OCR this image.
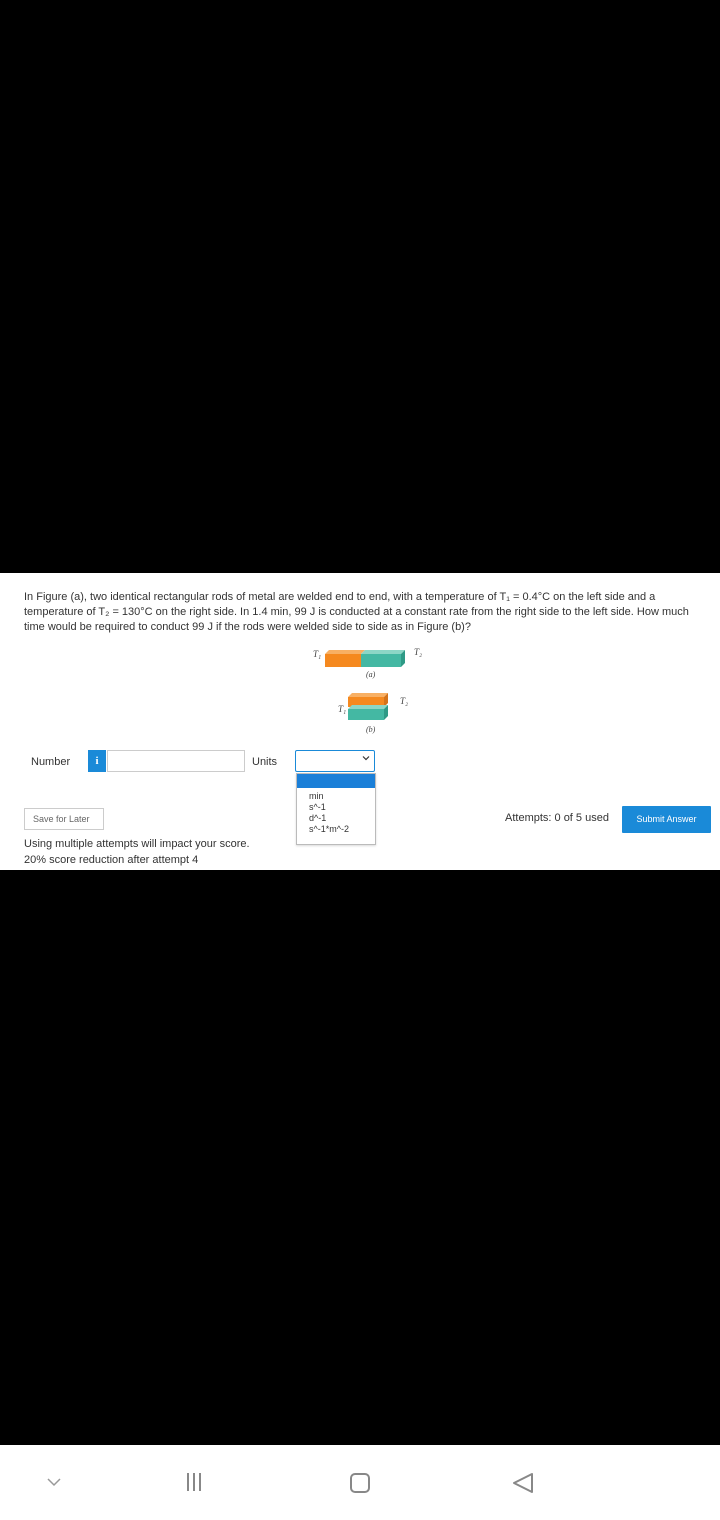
In Figure (a), two identical rectangular rods of metal are welded end to end, with a temperature of T₁ = 0.4°C on the left side and a temperature of T₂ = 130°C on the right side. In 1.4 min, 99 J is conducted at a constant rate from the right side to the left side. How much time would be required to conduct 99 J if the rods were welded side to side as in Figure (b)?
T₁	T₂
(a)
T₁
T₂
(b)
Number	i	Units
min
s^-1
d^-1
s^-1*m^-2
Save for Later	Attempts: 0 of 5 used	Submit Answer
Using multiple attempts will impact your score.
20% score reduction after attempt 4
